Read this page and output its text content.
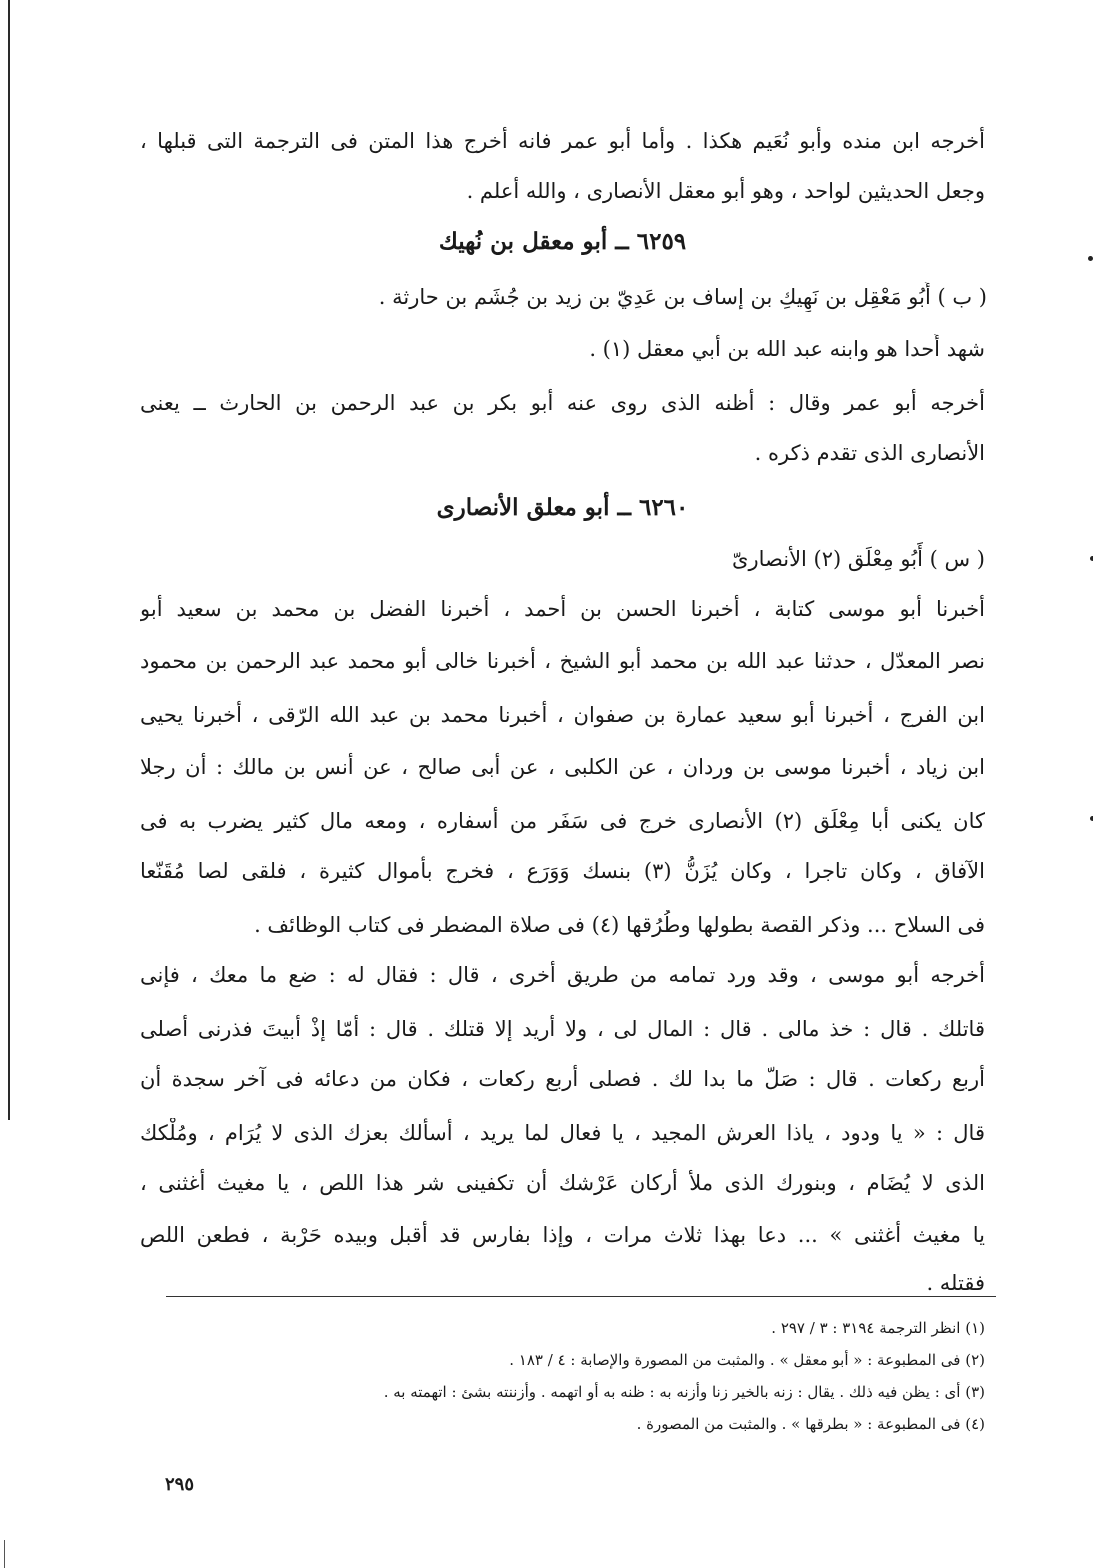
أخرجه ابن منده وأبو نُعَيم هكذا . وأما أبو عمر فانه أخرج هذا المتن فى الترجمة التى قبلها ،
وجعل الحديثين لواحد ، وهو أبو معقل الأنصارى ، والله أعلم .
٦٢٥٩ ــ أبو معقل بن نُهيك
( ب ) أَبُو مَعْقِل بن نَهِيكِ بن إساف بن عَدِيّ بن زيد بن جُشَم بن حارثة .
شهد أُحدا هو وابنه عبد الله بن أبي معقل (١) .
أخرجه أبو عمر وقال : أظنه الذى روى عنه أبو بكر بن عبد الرحمن بن الحارث ــ يعنى
الأنصارى الذى تقدم ذكره .
٦٢٦٠ ــ أبو معلق الأنصارى
( س ) أَبُو مِعْلَق (٢) الأنصارىّ
أخبرنا أبو موسى كتابة ، أخبرنا الحسن بن أحمد ، أخبرنا الفضل بن محمد بن سعيد أبو
نصر المعدّل ، حدثنا عبد الله بن محمد أبو الشيخ ، أخبرنا خالى أبو محمد عبد الرحمن بن محمود
ابن الفرج ، أخبرنا أبو سعيد عمارة بن صفوان ، أخبرنا محمد بن عبد الله الرّقى ، أخبرنا يحيى
ابن زياد ، أخبرنا موسى بن وردان ، عن الكلبى ، عن أبى صالح ، عن أنس بن مالك : أن رجلا
كان يكنى أبا مِعْلَق (٢) الأنصارى خرج فى سَفَر من أسفاره ، ومعه مال كثير يضرب به فى
الآفاق ، وكان تاجرا ، وكان يُزَنُّ (٣) بنسك وَوَرَع ، فخرج بأموال كثيرة ، فلقى لصا مُقَنّعا
فى السلاح ... وذكر القصة بطولها وطُرُقها (٤) فى صلاة المضطر فى كتاب الوظائف .
أخرجه أبو موسى ، وقد ورد تمامه من طريق أخرى ، قال : فقال له : ضع ما معك ، فإنى
قاتلك . قال : خذ مالى . قال : المال لى ، ولا أريد إلا قتلك . قال : أمّا إذْ أبيتَ فذرنى أصلى
أربع ركعات . قال : صَلّ ما بدا لك . فصلى أربع ركعات ، فكان من دعائه فى آخر سجدة أن
قال : « يا ودود ، ياذا العرش المجيد ، يا فعال لما يريد ، أسألك بعزك الذى لا يُرَام ، ومُلْكك
الذى لا يُضَام ، وبنورك الذى ملأ أركان عَرْشك أن تكفينى شر هذا اللص ، يا مغيث أغثنى ،
يا مغيث أغثنى » ... دعا بهذا ثلاث مرات ، وإذا بفارس قد أقبل وبيده حَرْبة ، فطعن اللص
فقتله .
(١) انظر الترجمة ٣١٩٤ : ٣ / ٢٩٧ .
(٢) فى المطبوعة : « أبو معقل » . والمثبت من المصورة والإصابة : ٤ / ١٨٣ .
(٣) أى : يظن فيه ذلك . يقال : زنه بالخير زنا وأزنه به : ظنه به أو اتهمه . وأزننته بشئ : اتهمته به .
(٤) فى المطبوعة : « بطرقها » . والمثبت من المصورة .
٢٩٥
